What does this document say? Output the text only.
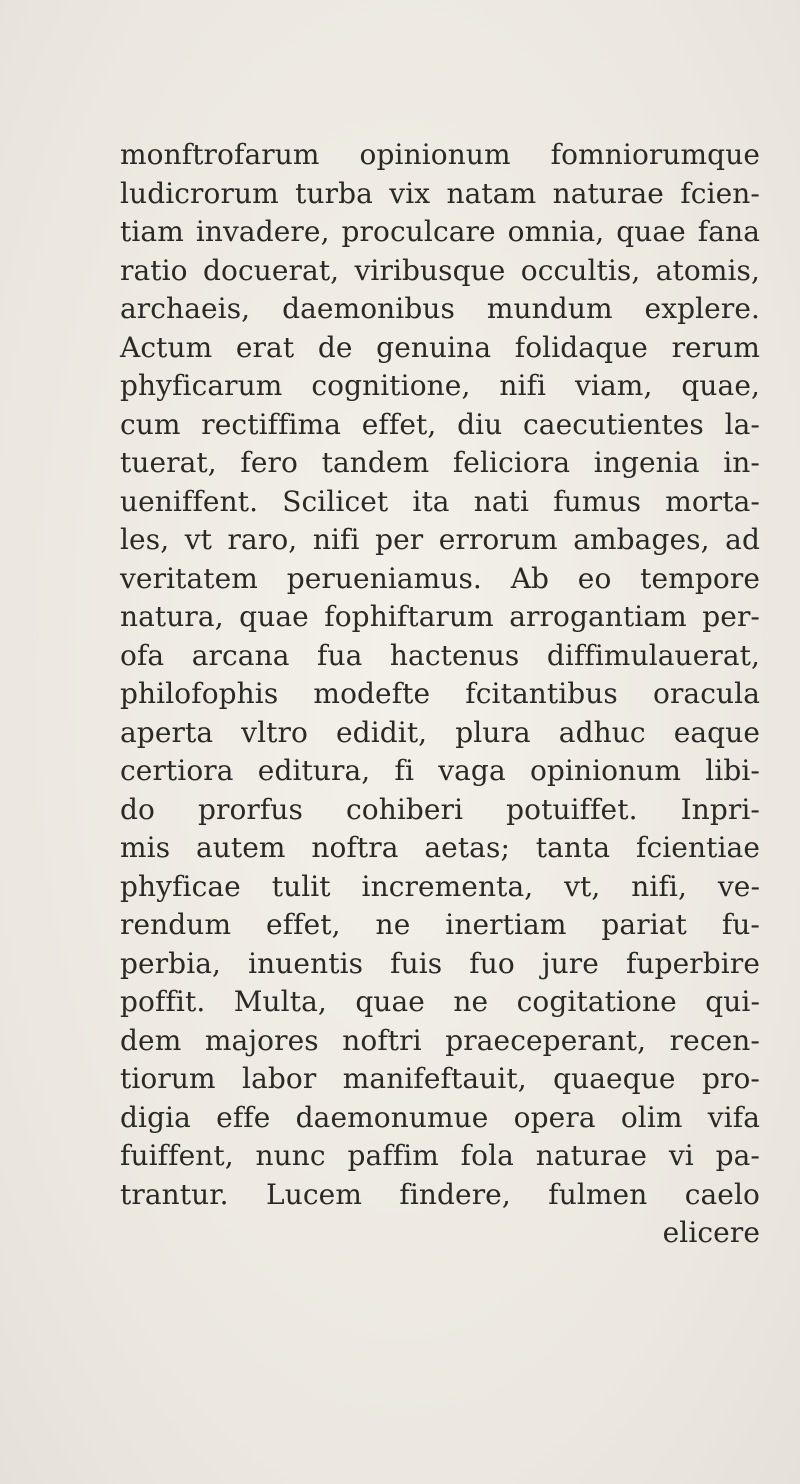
monftrofarum opinionum fomniorumque
ludicrorum turba vix natam naturae fcien-
tiam invadere, proculcare omnia, quae fana
ratio docuerat, viribusque occultis, atomis,
archaeis, daemonibus mundum explere.
Actum erat de genuina folidaque rerum
phyficarum cognitione, nifi viam, quae,
cum rectiffima effet, diu caecutientes la-
tuerat, fero tandem feliciora ingenia in-
ueniffent. Scilicet ita nati fumus morta-
les, vt raro, nifi per errorum ambages, ad
veritatem perueniamus. Ab eo tempore
natura, quae fophiftarum arrogantiam per-
ofa arcana fua hactenus diffimulauerat,
philofophis modefte fcitantibus oracula
aperta vltro edidit, plura adhuc eaque
certiora editura, fi vaga opinionum libi-
do prorfus cohiberi potuiffet. Inpri-
mis autem noftra aetas; tanta fcientiae
phyficae tulit incrementa, vt, nifi, ve-
rendum effet, ne inertiam pariat fu-
perbia, inuentis fuis fuo jure fuperbire
poffit. Multa, quae ne cogitatione qui-
dem majores noftri praeceperant, recen-
tiorum labor manifeftauit, quaeque pro-
digia effe daemonumue opera olim vifa
fuiffent, nunc paffim fola naturae vi pa-
trantur. Lucem findere, fulmen caelo
elicere
